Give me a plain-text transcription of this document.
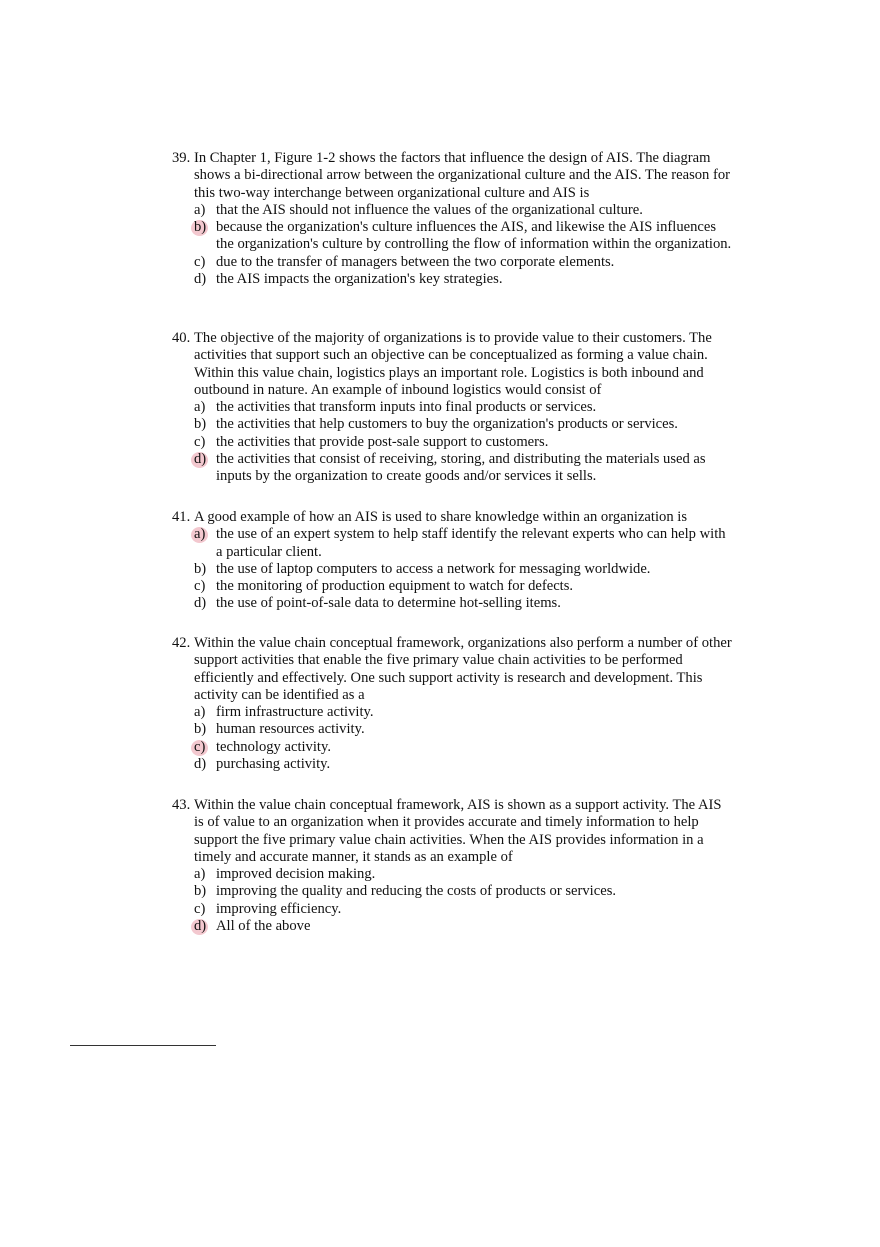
39. In Chapter 1, Figure 1-2 shows the factors that influence the design of AIS. The diagram shows a bi-directional arrow between the organizational culture and the AIS. The reason for this two-way interchange between organizational culture and AIS is
a) that the AIS should not influence the values of the organizational culture.
b) because the organization's culture influences the AIS, and likewise the AIS influences the organization's culture by controlling the flow of information within the organization.
c) due to the transfer of managers between the two corporate elements.
d) the AIS impacts the organization's key strategies.
40. The objective of the majority of organizations is to provide value to their customers. The activities that support such an objective can be conceptualized as forming a value chain. Within this value chain, logistics plays an important role. Logistics is both inbound and outbound in nature. An example of inbound logistics would consist of
a) the activities that transform inputs into final products or services.
b) the activities that help customers to buy the organization's products or services.
c) the activities that provide post-sale support to customers.
d) the activities that consist of receiving, storing, and distributing the materials used as inputs by the organization to create goods and/or services it sells.
41. A good example of how an AIS is used to share knowledge within an organization is
a) the use of an expert system to help staff identify the relevant experts who can help with a particular client.
b) the use of laptop computers to access a network for messaging worldwide.
c) the monitoring of production equipment to watch for defects.
d) the use of point-of-sale data to determine hot-selling items.
42. Within the value chain conceptual framework, organizations also perform a number of other support activities that enable the five primary value chain activities to be performed efficiently and effectively. One such support activity is research and development. This activity can be identified as a
a) firm infrastructure activity.
b) human resources activity.
c) technology activity.
d) purchasing activity.
43. Within the value chain conceptual framework, AIS is shown as a support activity. The AIS is of value to an organization when it provides accurate and timely information to help support the five primary value chain activities. When the AIS provides information in a timely and accurate manner, it stands as an example of
a) improved decision making.
b) improving the quality and reducing the costs of products or services.
c) improving efficiency.
d) All of the above
